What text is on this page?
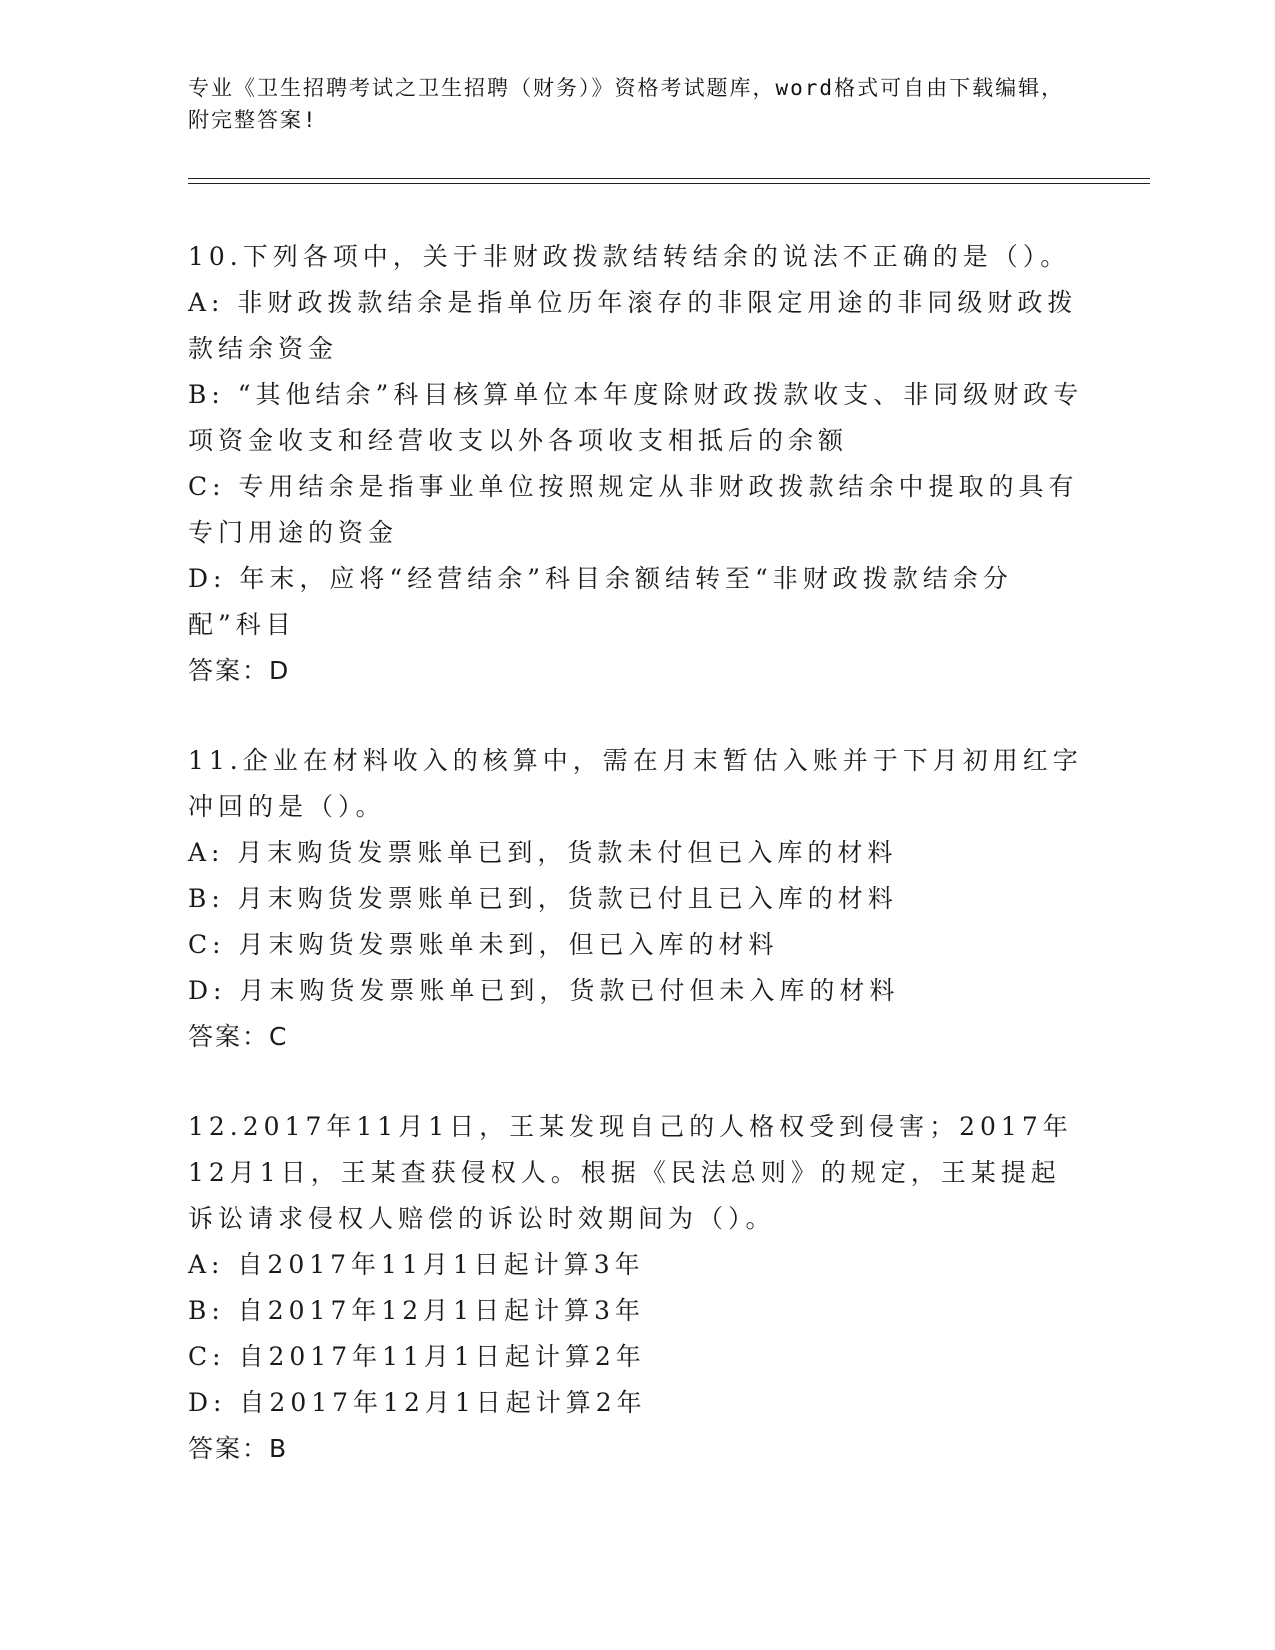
专业《卫生招聘考试之卫生招聘（财务）》资格考试题库，word格式可自由下载编辑，附完整答案!
10.下列各项中，关于非财政拨款结转结余的说法不正确的是（）。
A: 非财政拨款结余是指单位历年滚存的非限定用途的非同级财政拨款结余资金
B: “其他结余”科目核算单位本年度除财政拨款收支、非同级财政专项资金收支和经营收支以外各项收支相抵后的余额
C: 专用结余是指事业单位按照规定从非财政拨款结余中提取的具有专门用途的资金
D: 年末，应将“经营结余”科目余额结转至“非财政拨款结余分配”科目
答案：D
11.企业在材料收入的核算中，需在月末暂估入账并于下月初用红字冲回的是（）。
A: 月末购货发票账单已到，货款未付但已入库的材料
B: 月末购货发票账单已到，货款已付且已入库的材料
C: 月末购货发票账单未到，但已入库的材料
D: 月末购货发票账单已到，货款已付但未入库的材料
答案：C
12.2017年11月1日，王某发现自己的人格权受到侵害；2017年12月1日，王某查获侵权人。根据《民法总则》的规定，王某提起诉讼请求侵权人赔偿的诉讼时效期间为（）。
A: 自2017年11月1日起计算3年
B: 自2017年12月1日起计算3年
C: 自2017年11月1日起计算2年
D: 自2017年12月1日起计算2年
答案：B
